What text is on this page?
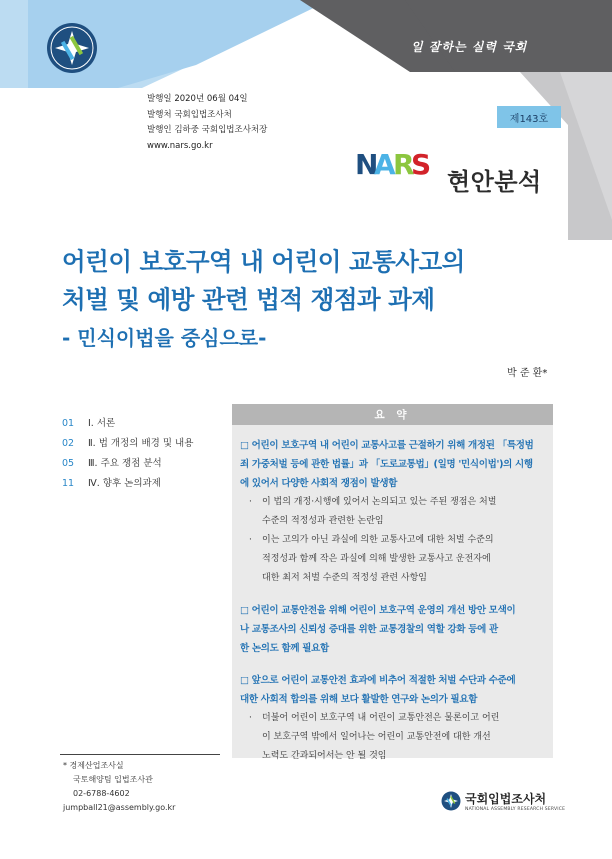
일 잘하는 실력 국회
발행일 2020년 06월 04일
발행처 국회입법조사처
발행인 김하중 국회입법조사처장
www.nars.go.kr
제143호
N
A R
S
현안분석
어린이 보호구역 내 어린이 교통사고의
처벌 및 예방 관련 법적 쟁점과 과제
- 민식이법을 중심으로-
박 준 환*
01	Ⅰ. 서론
02	Ⅱ. 법 개정의 배경 및 내용
05	Ⅲ. 주요 쟁점 분석
11	Ⅳ. 향후 논의과제
요 약
□ 어린이 보호구역 내 어린이 교통사고를 근절하기 위해 개정된 「특정범
죄 가중처벌 등에 관한 법률」과 「도로교통법」(일명 '민식이법')의 시행
에 있어서 다양한 사회적 쟁점이 발생함
· 이 법의 개정·시행에 있어서 논의되고 있는 주된 쟁점은 처벌
수준의 적정성과 관련한 논란임
· 이는 고의가 아닌 과실에 의한 교통사고에 대한 처벌 수준의
적정성과 함께 작은 과실에 의해 발생한 교통사고 운전자에
대한 최저 처벌 수준의 적정성 관련 사항임
□ 어린이 교통안전을 위해 어린이 보호구역 운영의 개선 방안 모색이
나 교통조사의 신뢰성 증대를 위한 교통경찰의 역할 강화 등에 관
한 논의도 함께 필요함
□ 앞으로 어린이 교통안전 효과에 비추어 적절한 처벌 수단과 수준에
대한 사회적 합의를 위해 보다 활발한 연구와 논의가 필요함
· 더불어 어린이 보호구역 내 어린이 교통안전은 물론이고 어린
이 보호구역 밖에서 일어나는 어린이 교통안전에 대한 개선
노력도 간과되어서는 안 될 것임
* 경제산업조사실
국토해양팀 입법조사관
02-6788-4602
jumpball21@assembly.go.kr
국회입법조사처
NATIONAL ASSEMBLY RESEARCH SERVICE
